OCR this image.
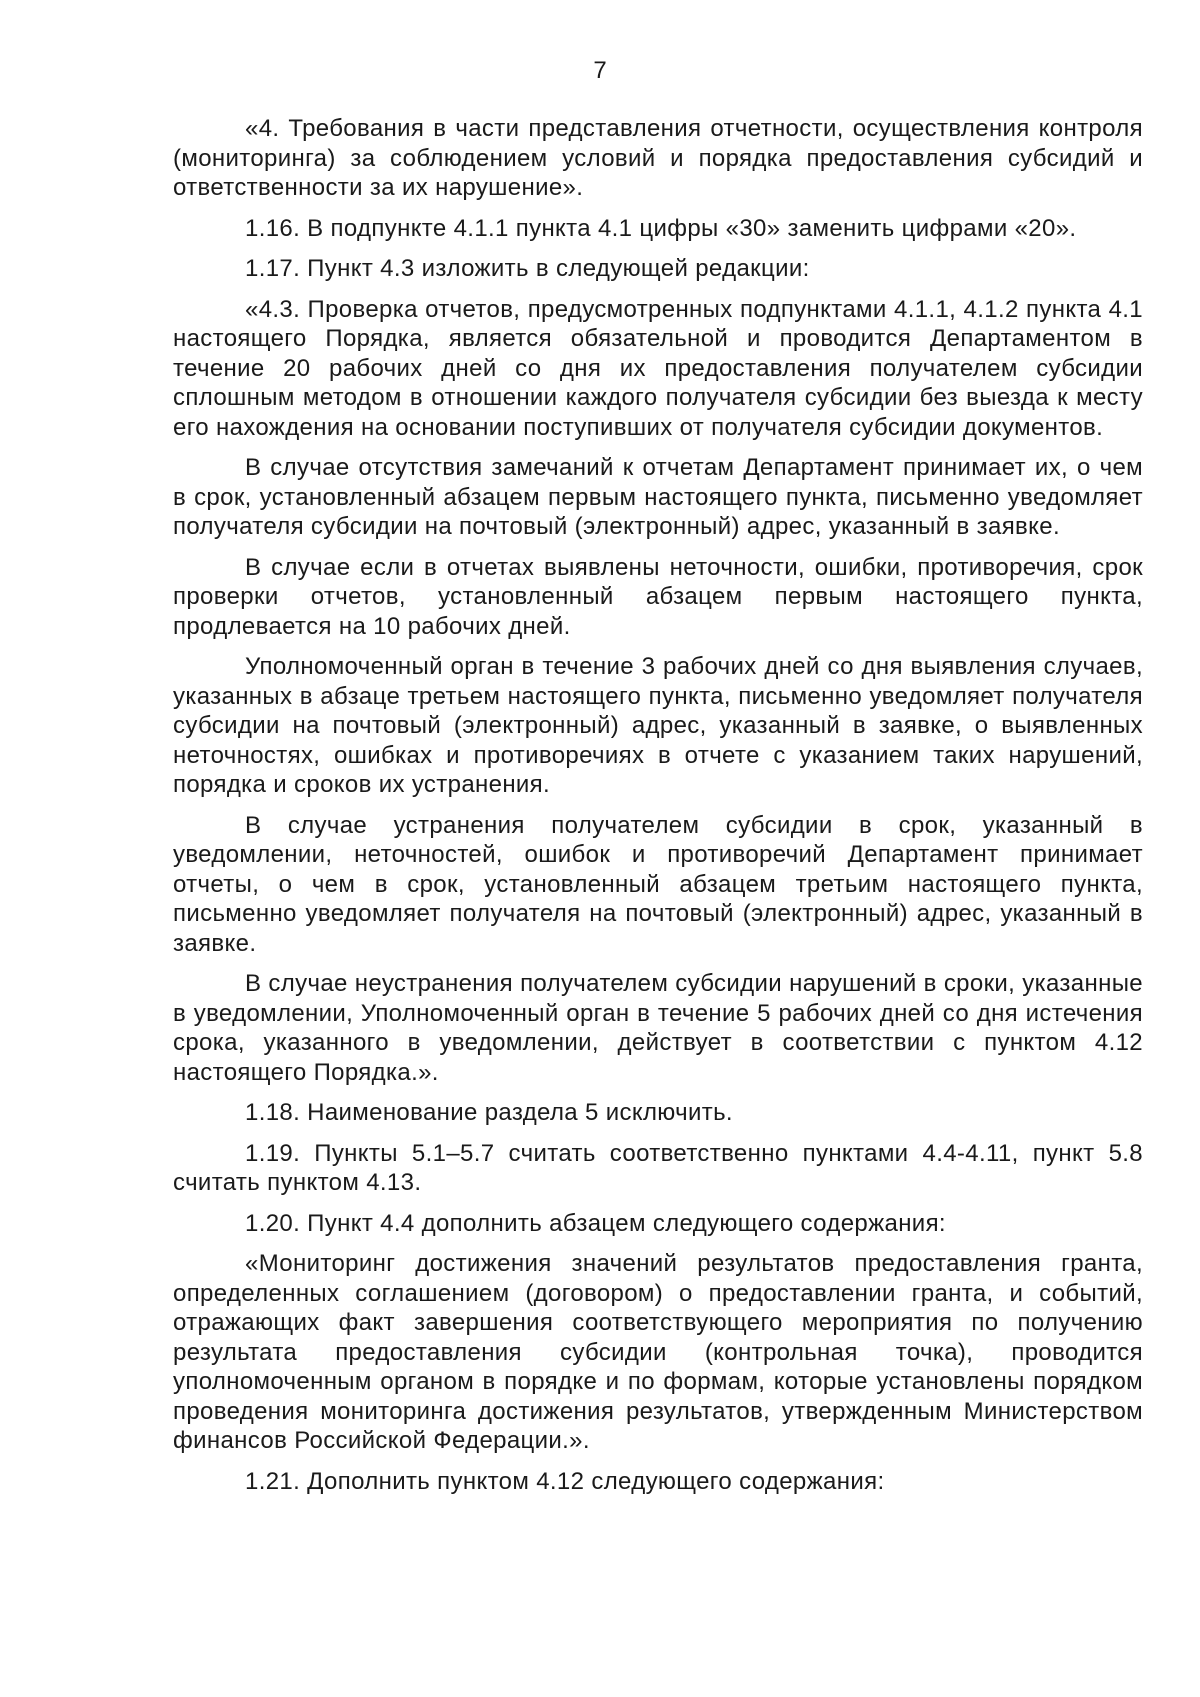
7

«4. Требования в части представления отчетности, осуществления контроля (мониторинга) за соблюдением условий и порядка предоставления субсидий и ответственности за их нарушение».

1.16. В подпункте 4.1.1 пункта 4.1 цифры «30» заменить цифрами «20».

1.17. Пункт 4.3 изложить в следующей редакции:

«4.3. Проверка отчетов, предусмотренных подпунктами 4.1.1, 4.1.2 пункта 4.1 настоящего Порядка, является обязательной и проводится Департаментом в течение 20 рабочих дней со дня их предоставления получателем субсидии сплошным методом в отношении каждого получателя субсидии без выезда к месту его нахождения на основании поступивших от получателя субсидии документов.

В случае отсутствия замечаний к отчетам Департамент принимает их, о чем в срок, установленный абзацем первым настоящего пункта, письменно уведомляет получателя субсидии на почтовый (электронный) адрес, указанный в заявке.

В случае если в отчетах выявлены неточности, ошибки, противоречия, срок проверки отчетов, установленный абзацем первым настоящего пункта, продлевается на 10 рабочих дней.

Уполномоченный орган в течение 3 рабочих дней со дня выявления случаев, указанных в абзаце третьем настоящего пункта, письменно уведомляет получателя субсидии на почтовый (электронный) адрес, указанный в заявке, о выявленных неточностях, ошибках и противоречиях в отчете с указанием таких нарушений, порядка и сроков их устранения.

В случае устранения получателем субсидии в срок, указанный в уведомлении, неточностей, ошибок и противоречий Департамент принимает отчеты, о чем в срок, установленный абзацем третьим настоящего пункта, письменно уведомляет получателя на почтовый (электронный) адрес, указанный в заявке.

В случае неустранения получателем субсидии нарушений в сроки, указанные в уведомлении, Уполномоченный орган в течение 5 рабочих дней со дня истечения срока, указанного в уведомлении, действует в соответствии с пунктом 4.12 настоящего Порядка.».

1.18. Наименование раздела 5 исключить.

1.19. Пункты 5.1–5.7 считать соответственно пунктами 4.4-4.11, пункт 5.8 считать пунктом 4.13.

1.20. Пункт 4.4 дополнить абзацем следующего содержания:

«Мониторинг достижения значений результатов предоставления гранта, определенных соглашением (договором) о предоставлении гранта, и событий, отражающих факт завершения соответствующего мероприятия по получению результата предоставления субсидии (контрольная точка), проводится уполномоченным органом в порядке и по формам, которые установлены порядком проведения мониторинга достижения результатов, утвержденным Министерством финансов Российской Федерации.».

1.21. Дополнить пунктом 4.12 следующего содержания:
